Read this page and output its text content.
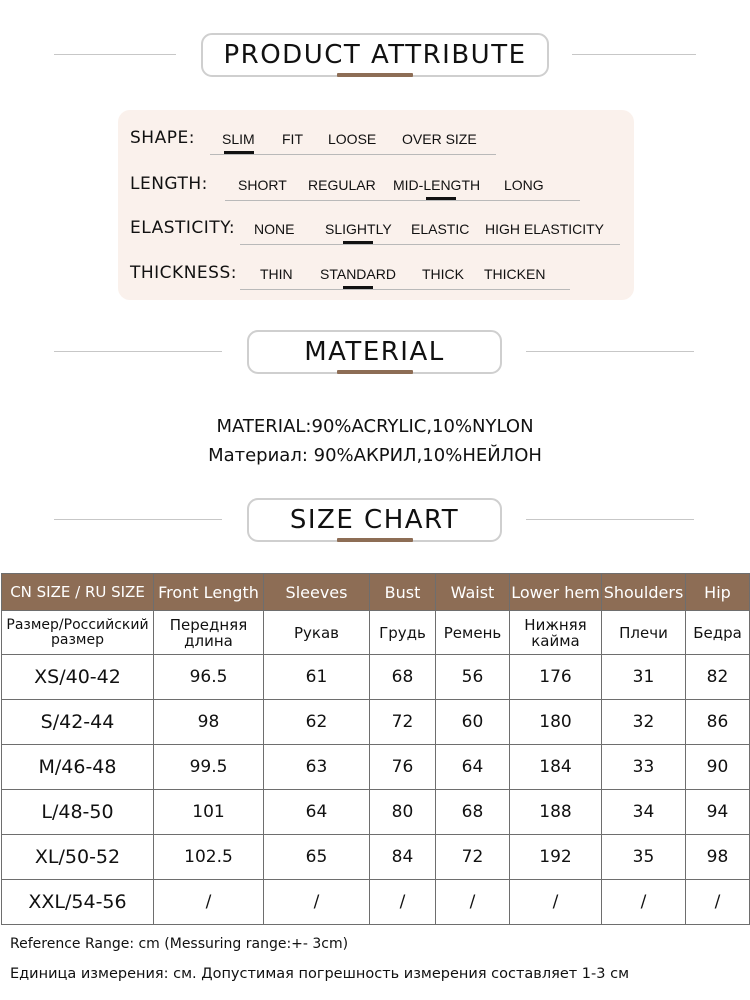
PRODUCT ATTRIBUTE
SHAPE: SLIM FIT LOOSE OVER SIZE
LENGTH: SHORT REGULAR MID-LENGTH LONG
ELASTICITY: NONE SLIGHTLY ELASTIC HIGH ELASTICITY
THICKNESS: THIN STANDARD THICK THICKEN
MATERIAL
MATERIAL:90%ACRYLIC,10%NYLON
Материал: 90%АКРИЛ,10%НЕЙЛОН
SIZE CHART
CN SIZE / RU SIZE	Front Length	Sleeves	Bust	Waist	Lower hem	Shoulders	Hip
Размер/Российский размер	Передняя длина	Рукав	Грудь	Ремень	Нижняя кайма	Плечи	Бедра
XS/40-42	96.5	61	68	56	176	31	82
S/42-44	98	62	72	60	180	32	86
M/46-48	99.5	63	76	64	184	33	90
L/48-50	101	64	80	68	188	34	94
XL/50-52	102.5	65	84	72	192	35	98
XXL/54-56	/	/	/	/	/	/	/
Reference Range: cm (Messuring range:+- 3cm)
Единица измерения: см. Допустимая погрешность измерения составляет 1-3 см
